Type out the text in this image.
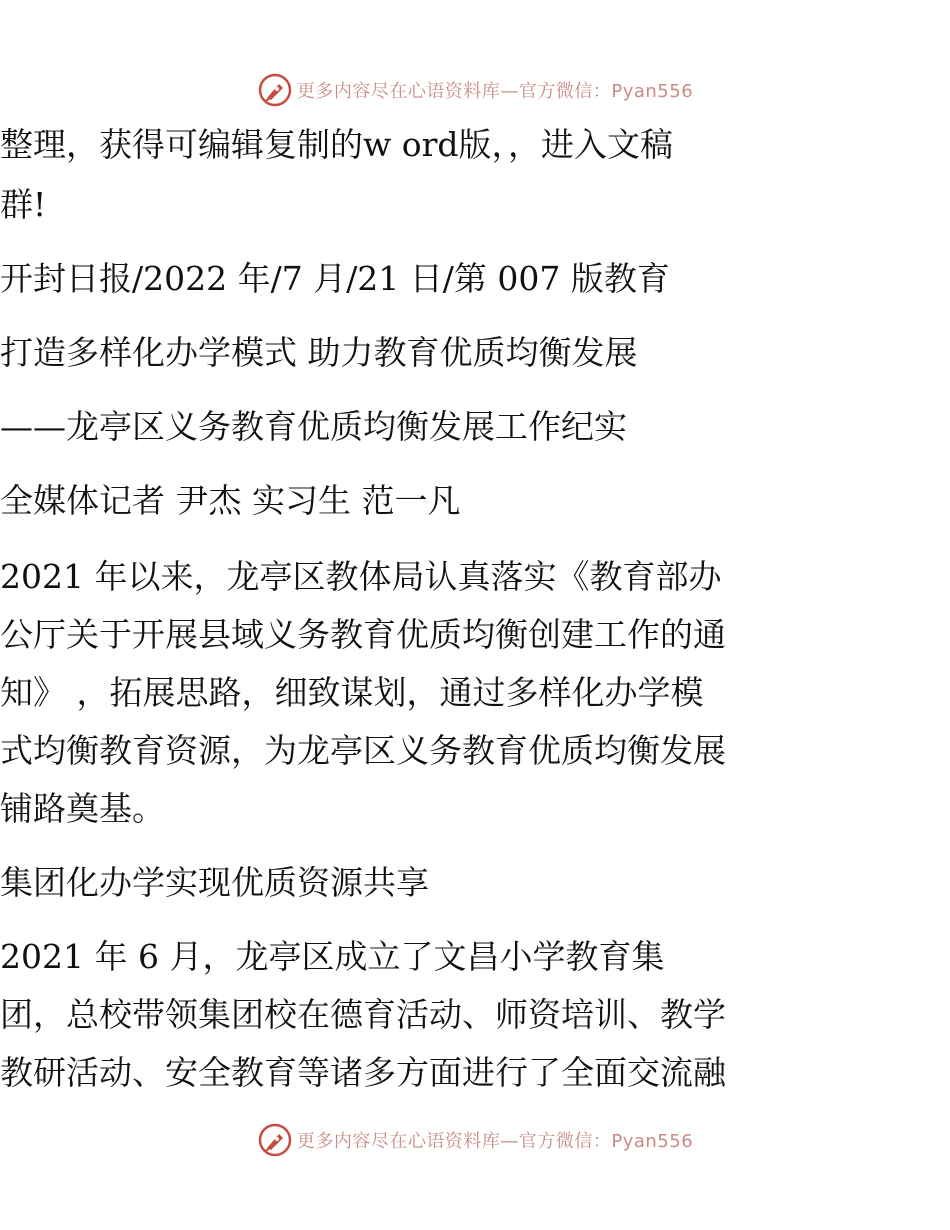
更多内容尽在心语资料库—官方微信：Pyan556

整理，获得可编辑复制的w ord版，，进入文稿

群!

开封日报/2022 年/7 月/21 日/第 007 版教育

打造多样化办学模式 助力教育优质均衡发展

——龙亭区义务教育优质均衡发展工作纪实

全媒体记者 尹杰 实习生 范一凡

2021 年以来，龙亭区教体局认真落实《教育部办

公厅关于开展县域义务教育优质均衡创建工作的通

知》 ，拓展思路，细致谋划，通过多样化办学模

式均衡教育资源，为龙亭区义务教育优质均衡发展

铺路奠基。

集团化办学实现优质资源共享

2021 年 6 月，龙亭区成立了文昌小学教育集

团，总校带领集团校在德育活动、师资培训、教学

教研活动、安全教育等诸多方面进行了全面交流融

更多内容尽在心语资料库—官方微信：Pyan556
